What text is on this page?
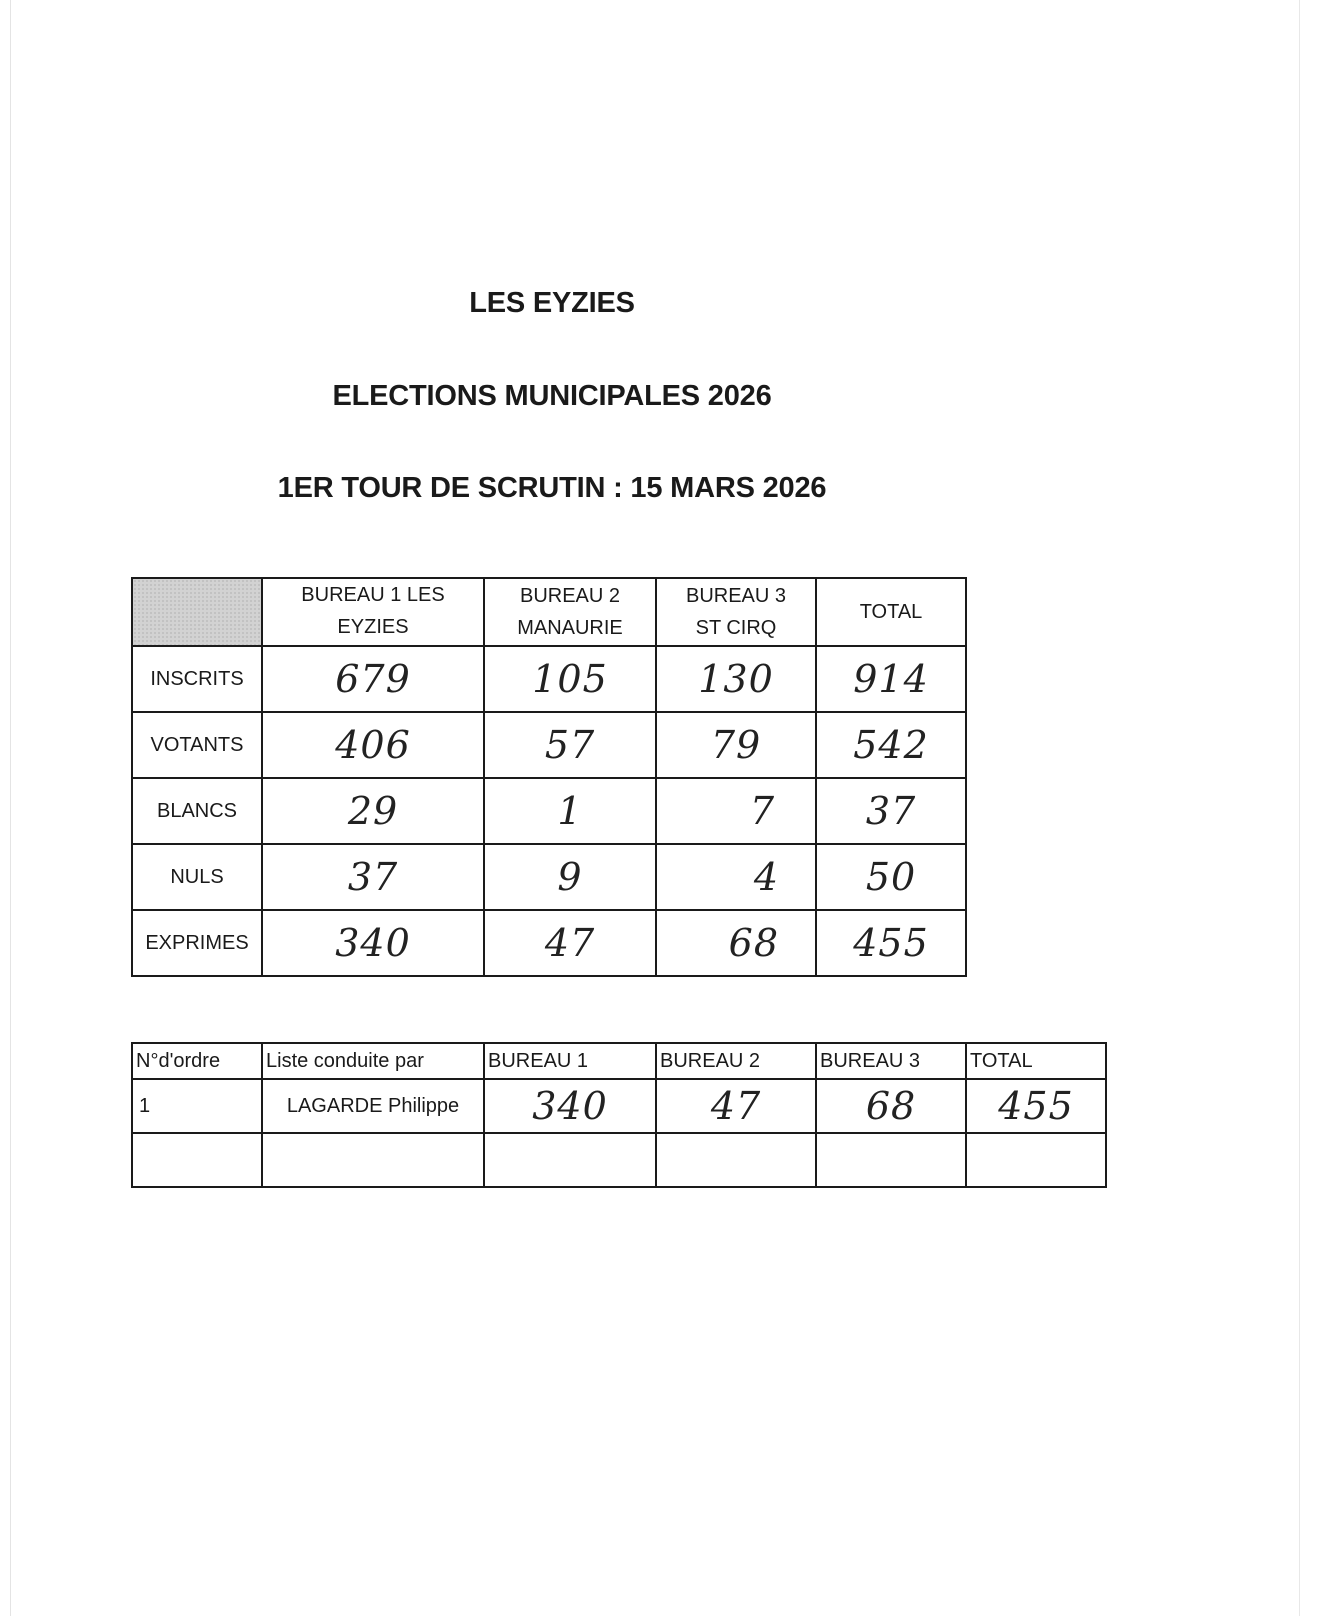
LES EYZIES
ELECTIONS MUNICIPALES 2026
1ER TOUR DE SCRUTIN : 15 MARS 2026
	BUREAU 1 LES EYZIES	BUREAU 2 MANAURIE	BUREAU 3 ST CIRQ	TOTAL
INSCRITS	679	105	130	914
VOTANTS	406	57	79	542
BLANCS	29	1	7	37
NULS	37	9	4	50
EXPRIMES	340	47	68	455
N°d'ordre	Liste conduite par	BUREAU 1	BUREAU 2	BUREAU 3	TOTAL
1	LAGARDE Philippe	340	47	68	455
